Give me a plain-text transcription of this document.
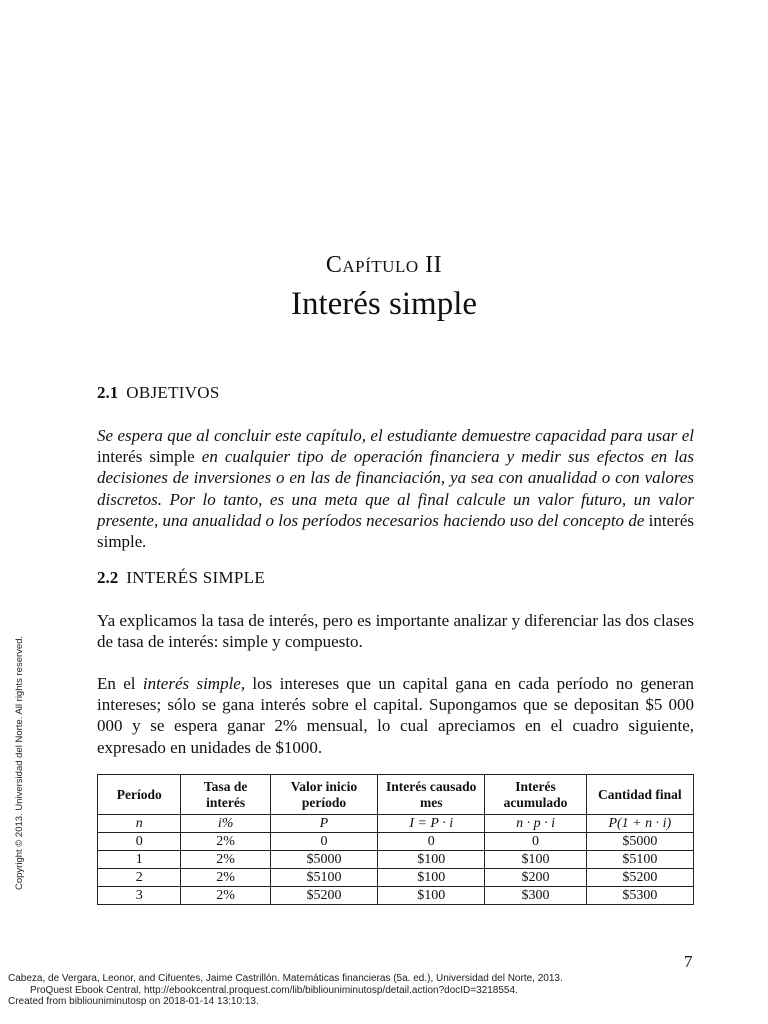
Capítulo II
Interés simple
2.1 OBJETIVOS

Se espera que al concluir este capítulo, el estudiante demuestre capacidad para usar el interés simple en cualquier tipo de operación financiera y medir sus efectos en las decisiones de inversiones o en las de financiación, ya sea con anualidad o con valores discretos. Por lo tanto, es una meta que al final calcule un valor futuro, un valor presente, una anualidad o los períodos necesarios haciendo uso del concepto de interés simple.

2.2 INTERÉS SIMPLE

Ya explicamos la tasa de interés, pero es importante analizar y diferenciar las dos clases de tasa de interés: simple y compuesto.

En el interés simple, los intereses que un capital gana en cada período no generan intereses; sólo se gana interés sobre el capital. Supongamos que se depositan $5 000 000 y se espera ganar 2% mensual, lo cual apreciamos en el cuadro siguiente, expresado en unidades de $1000.

Período	Tasa de interés	Valor inicio período	Interés causado mes	Interés acumulado	Cantidad final
n	i%	P	I = P · i	n · p · i	P(1 + n · i)
0	2%	0	0	0	$5000
1	2%	$5000	$100	$100	$5100
2	2%	$5100	$100	$200	$5200
3	2%	$5200	$100	$300	$5300
Copyright © 2013. Universidad del Norte. All rights reserved.
7
Cabeza, de Vergara, Leonor, and Cifuentes, Jaime Castrillón. Matemáticas financieras (5a. ed.), Universidad del Norte, 2013.
ProQuest Ebook Central, http://ebookcentral.proquest.com/lib/bibliouniminutosp/detail.action?docID=3218554.
Created from bibliouniminutosp on 2018-01-14 13:10:13.
